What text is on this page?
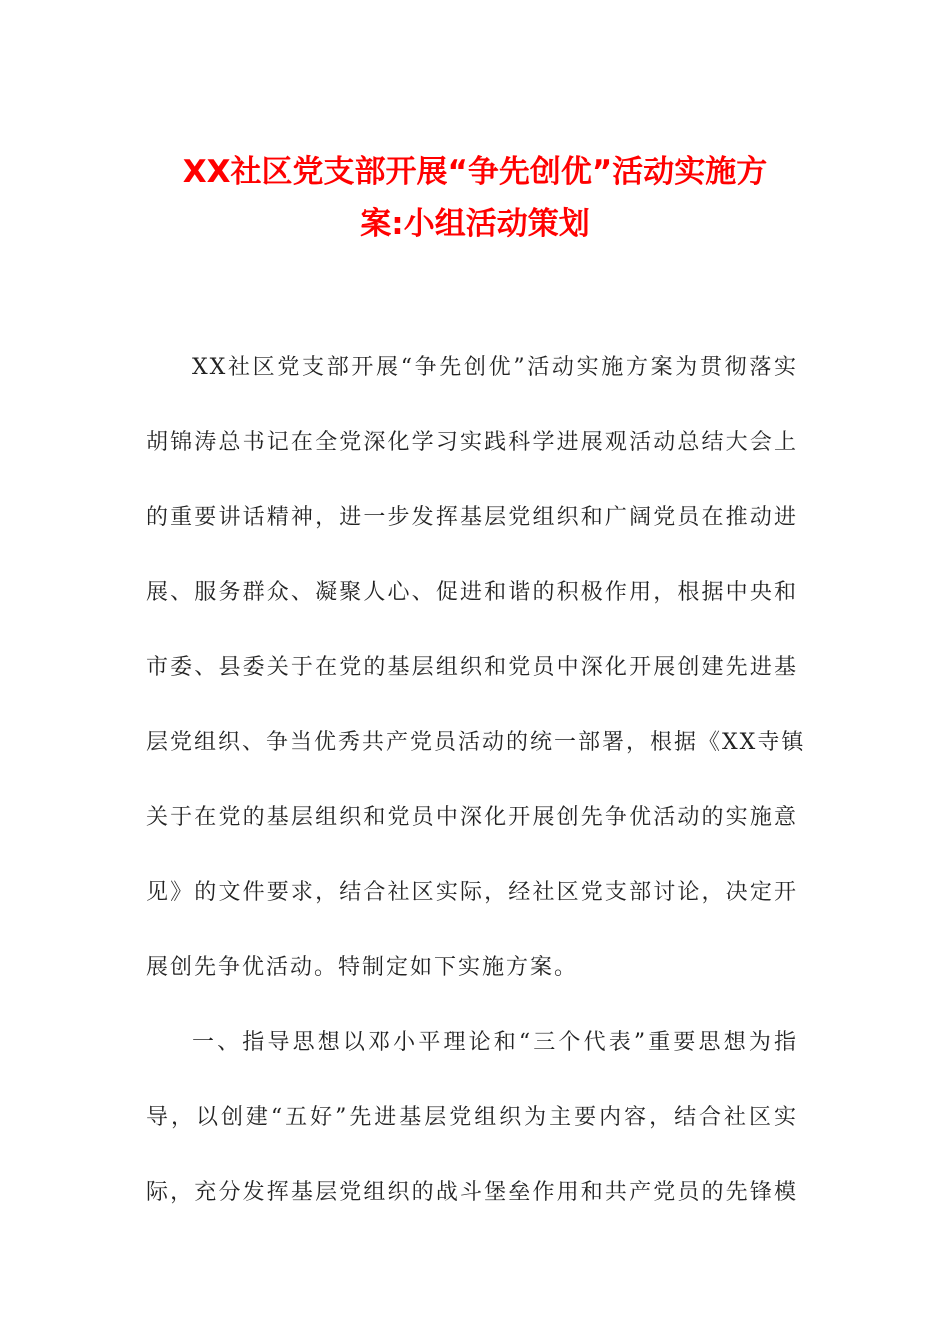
XX社区党支部开展“争先创优”活动实施方
案:小组活动策划
XX社区党支部开展“争先创优”活动实施方案为贯彻落实
胡锦涛总书记在全党深化学习实践科学进展观活动总结大会上
的重要讲话精神，进一步发挥基层党组织和广阔党员在推动进
展、服务群众、凝聚人心、促进和谐的积极作用，根据中央和
市委、县委关于在党的基层组织和党员中深化开展创建先进基
层党组织、争当优秀共产党员活动的统一部署，根据《XX寺镇
关于在党的基层组织和党员中深化开展创先争优活动的实施意
见》的文件要求，结合社区实际，经社区党支部讨论，决定开
展创先争优活动。特制定如下实施方案。
一、指导思想以邓小平理论和“三个代表”重要思想为指
导，以创建“五好”先进基层党组织为主要内容，结合社区实
际，充分发挥基层党组织的战斗堡垒作用和共产党员的先锋模
